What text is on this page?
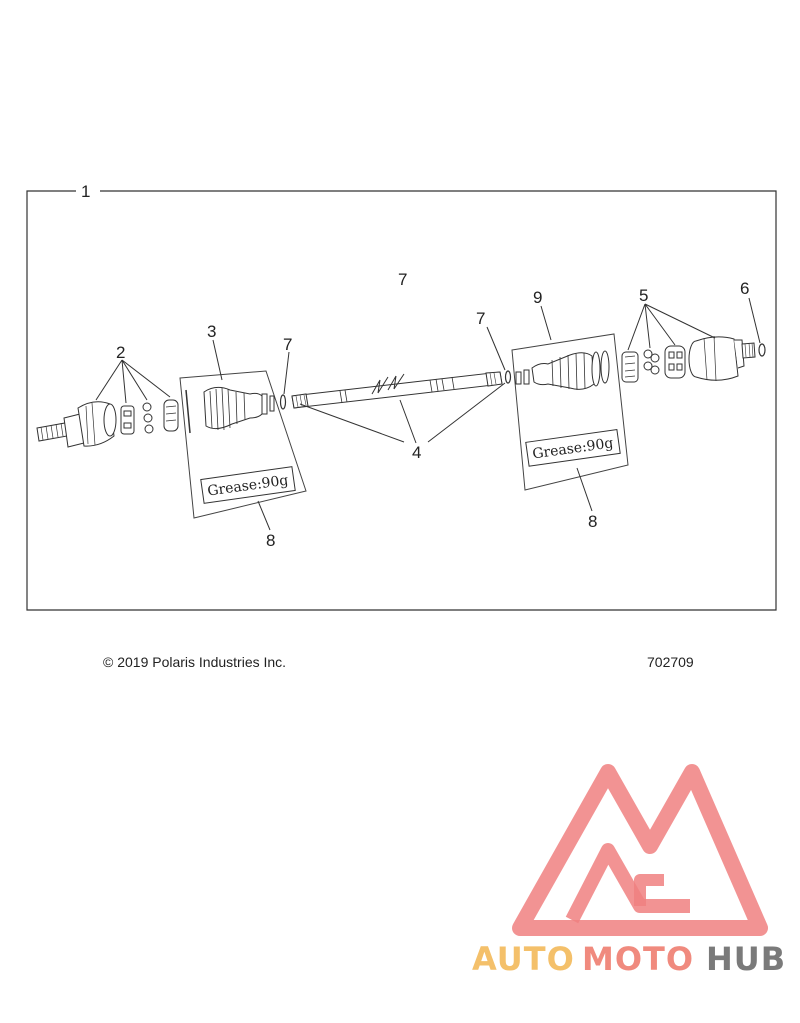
1
Grease:90g
Grease:90g
2
3
7
4
7
7
9	5	6
8
8
AUTO MOTO HUB
© 2019 Polaris Industries Inc.	702709
